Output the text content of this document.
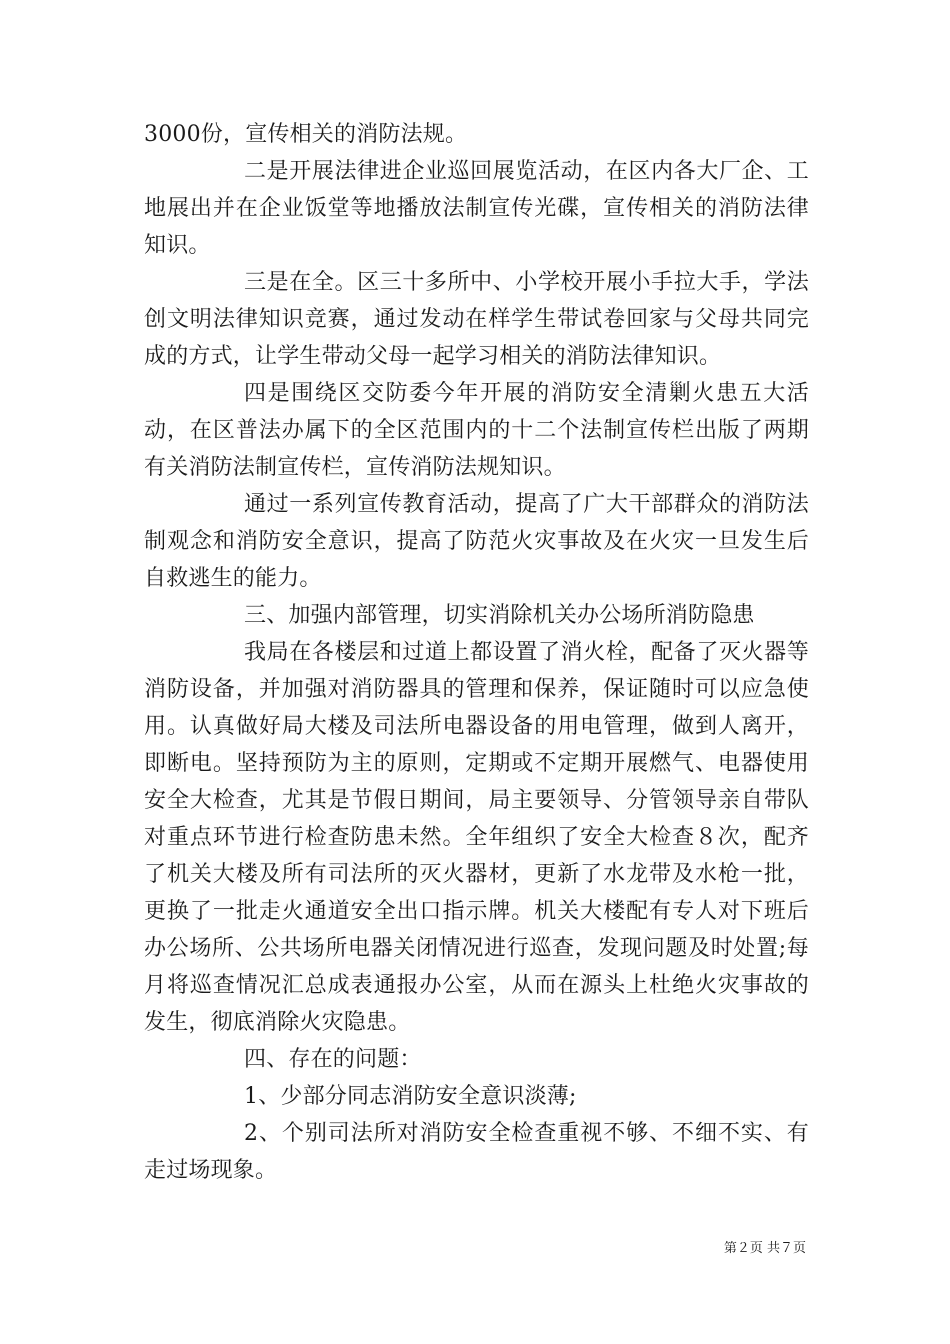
3000份，宣传相关的消防法规。

二是开展法律进企业巡回展览活动，在区内各大厂企、工地展出并在企业饭堂等地播放法制宣传光碟，宣传相关的消防法律知识。

三是在全。区三十多所中、小学校开展小手拉大手，学法创文明法律知识竞赛，通过发动在样学生带试卷回家与父母共同完成的方式，让学生带动父母一起学习相关的消防法律知识。

四是围绕区交防委今年开展的消防安全清剿火患五大活动，在区普法办属下的全区范围内的十二个法制宣传栏出版了两期有关消防法制宣传栏，宣传消防法规知识。

通过一系列宣传教育活动，提高了广大干部群众的消防法制观念和消防安全意识，提高了防范火灾事故及在火灾一旦发生后自救逃生的能力。

三、加强内部管理，切实消除机关办公场所消防隐患

我局在各楼层和过道上都设置了消火栓，配备了灭火器等消防设备，并加强对消防器具的管理和保养，保证随时可以应急使用。认真做好局大楼及司法所电器设备的用电管理，做到人离开，即断电。坚持预防为主的原则，定期或不定期开展燃气、电器使用安全大检查，尤其是节假日期间，局主要领导、分管领导亲自带队对重点环节进行检查防患未然。全年组织了安全大检查８次，配齐了机关大楼及所有司法所的灭火器材，更新了水龙带及水枪一批，更换了一批走火通道安全出口指示牌。机关大楼配有专人对下班后办公场所、公共场所电器关闭情况进行巡查，发现问题及时处置;每月将巡查情况汇总成表通报办公室，从而在源头上杜绝火灾事故的发生，彻底消除火灾隐患。

四、存在的问题：

1、少部分同志消防安全意识淡薄;

2、个别司法所对消防安全检查重视不够、不细不实、有走过场现象。

第２页 共７页
